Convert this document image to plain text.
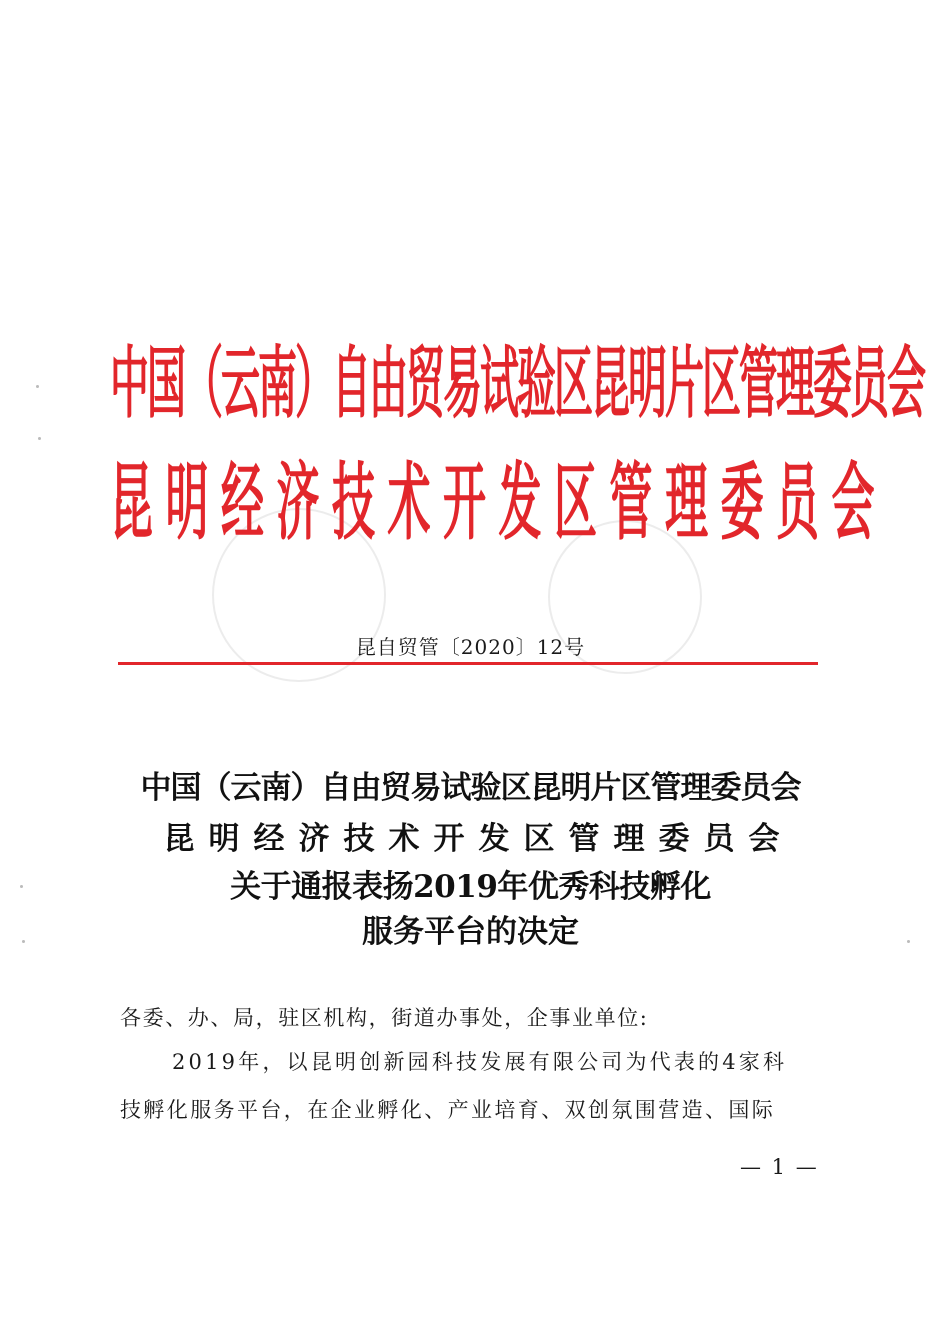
中国（云南）自由贸易试验区昆明片区管理委员会
昆明经济技术开发区管理委员会
昆自贸管〔2020〕12号
中国（云南）自由贸易试验区昆明片区管理委员会
昆明经济技术开发区管理委员会
关于通报表扬2019年优秀科技孵化
服务平台的决定
各委、办、局，驻区机构，街道办事处，企事业单位:
2019年，以昆明创新园科技发展有限公司为代表的4家科
技孵化服务平台，在企业孵化、产业培育、双创氛围营造、国际
— 1 —
